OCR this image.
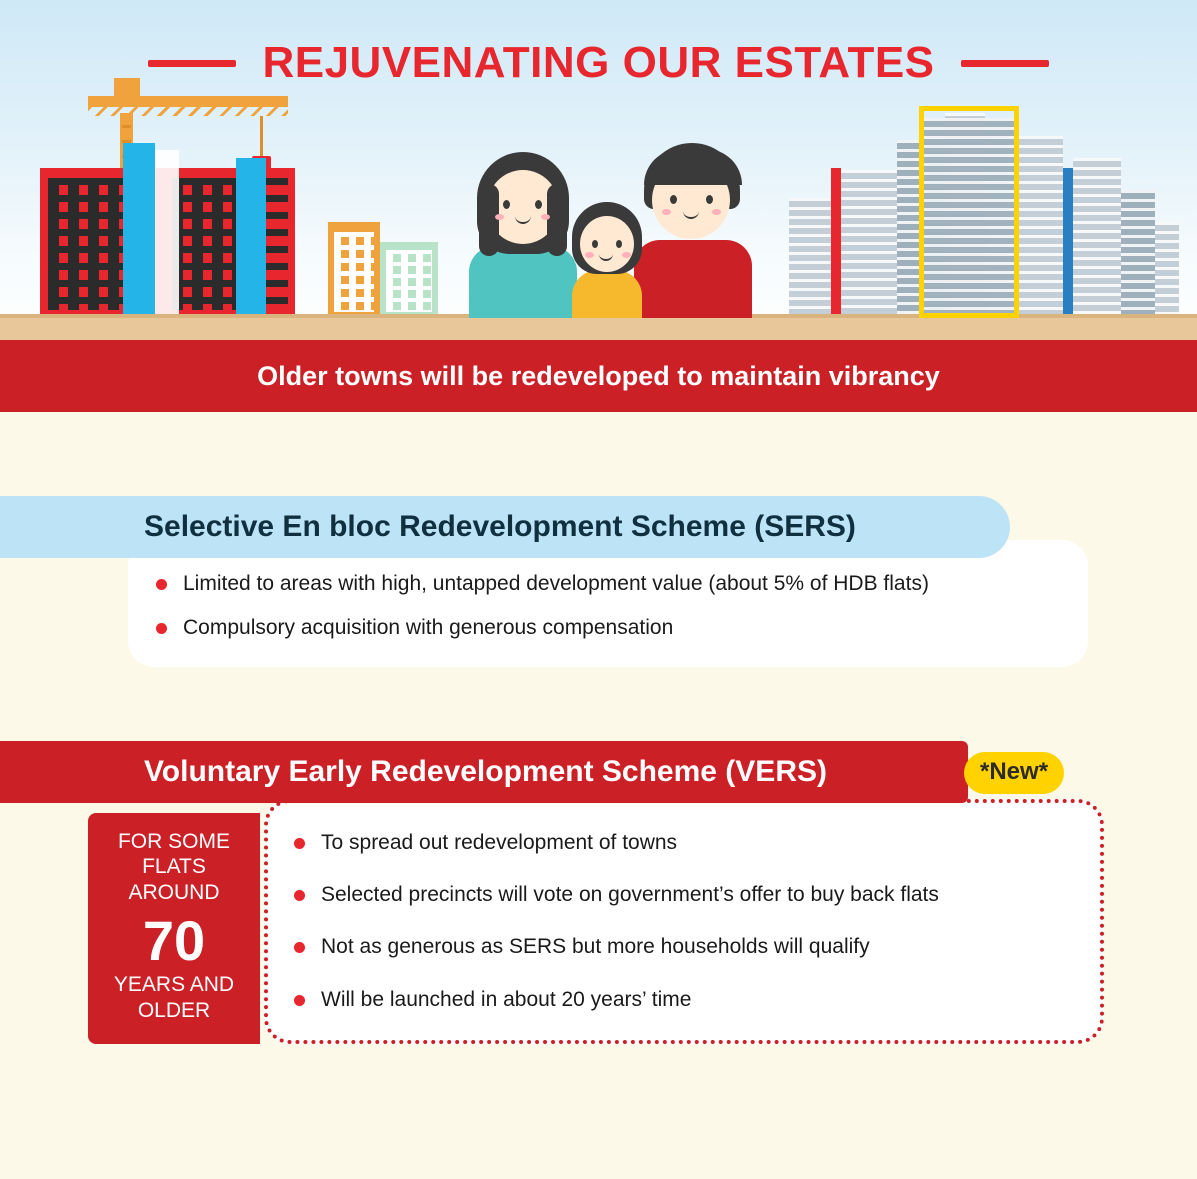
REJUVENATING OUR ESTATES
Older towns will be redeveloped to maintain vibrancy
Selective En bloc Redevelopment Scheme (SERS)
Limited to areas with high, untapped development value (about 5% of HDB flats)
Compulsory acquisition with generous compensation
Voluntary Early Redevelopment Scheme (VERS)	*New*
FOR SOME
FLATS
AROUND
70
YEARS AND
OLDER
To spread out redevelopment of towns
Selected precincts will vote on government’s offer to buy back flats
Not as generous as SERS but more households will qualify
Will be launched in about 20 years’ time
